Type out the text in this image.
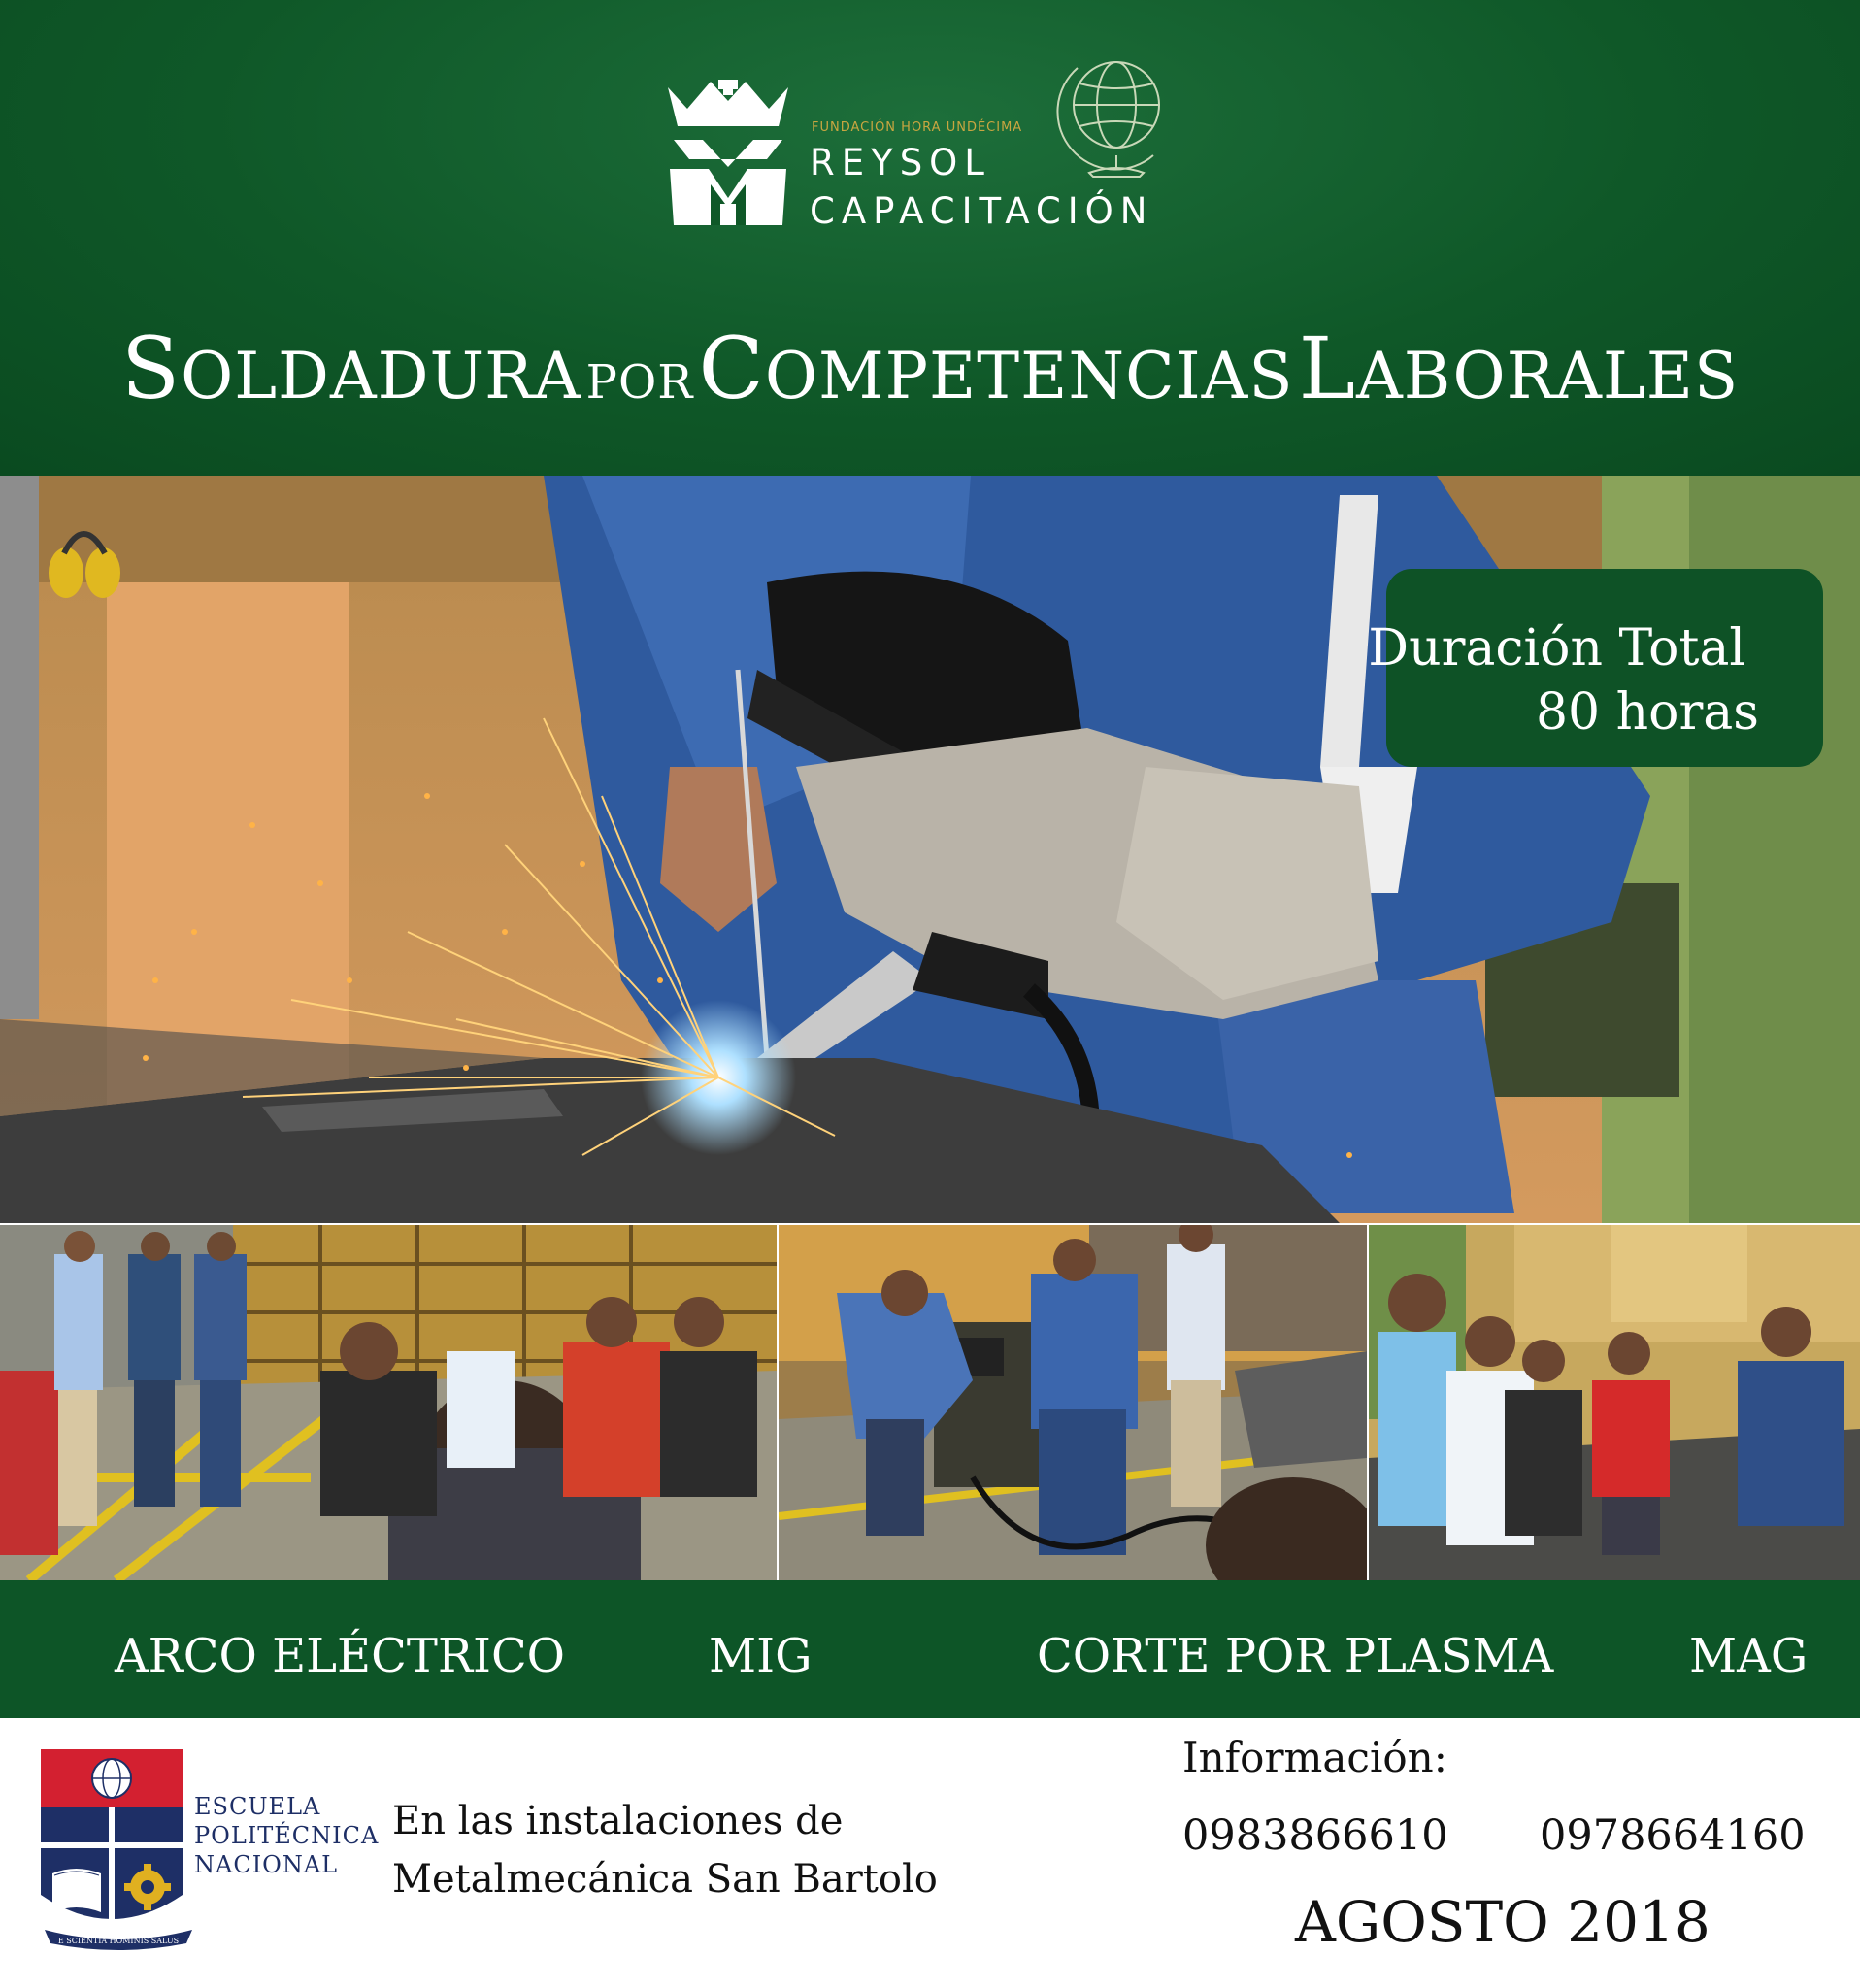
FUNDACIÓN HORA UNDÉCIMA
REYSOL
CAPACITACIÓN
SOLDADURA POR COMPETENCIAS LABORALES
Duración Total
80 horas
ARCO ELÉCTRICO	MIG	CORTE POR PLASMA	MAG
E SCIENTIA HOMINIS SALUS
ESCUELA
POLITÉCNICA
NACIONAL
En las instalaciones de
Metalmecánica San Bartolo
Información:
0983866610 0978664160
AGOSTO 2018
